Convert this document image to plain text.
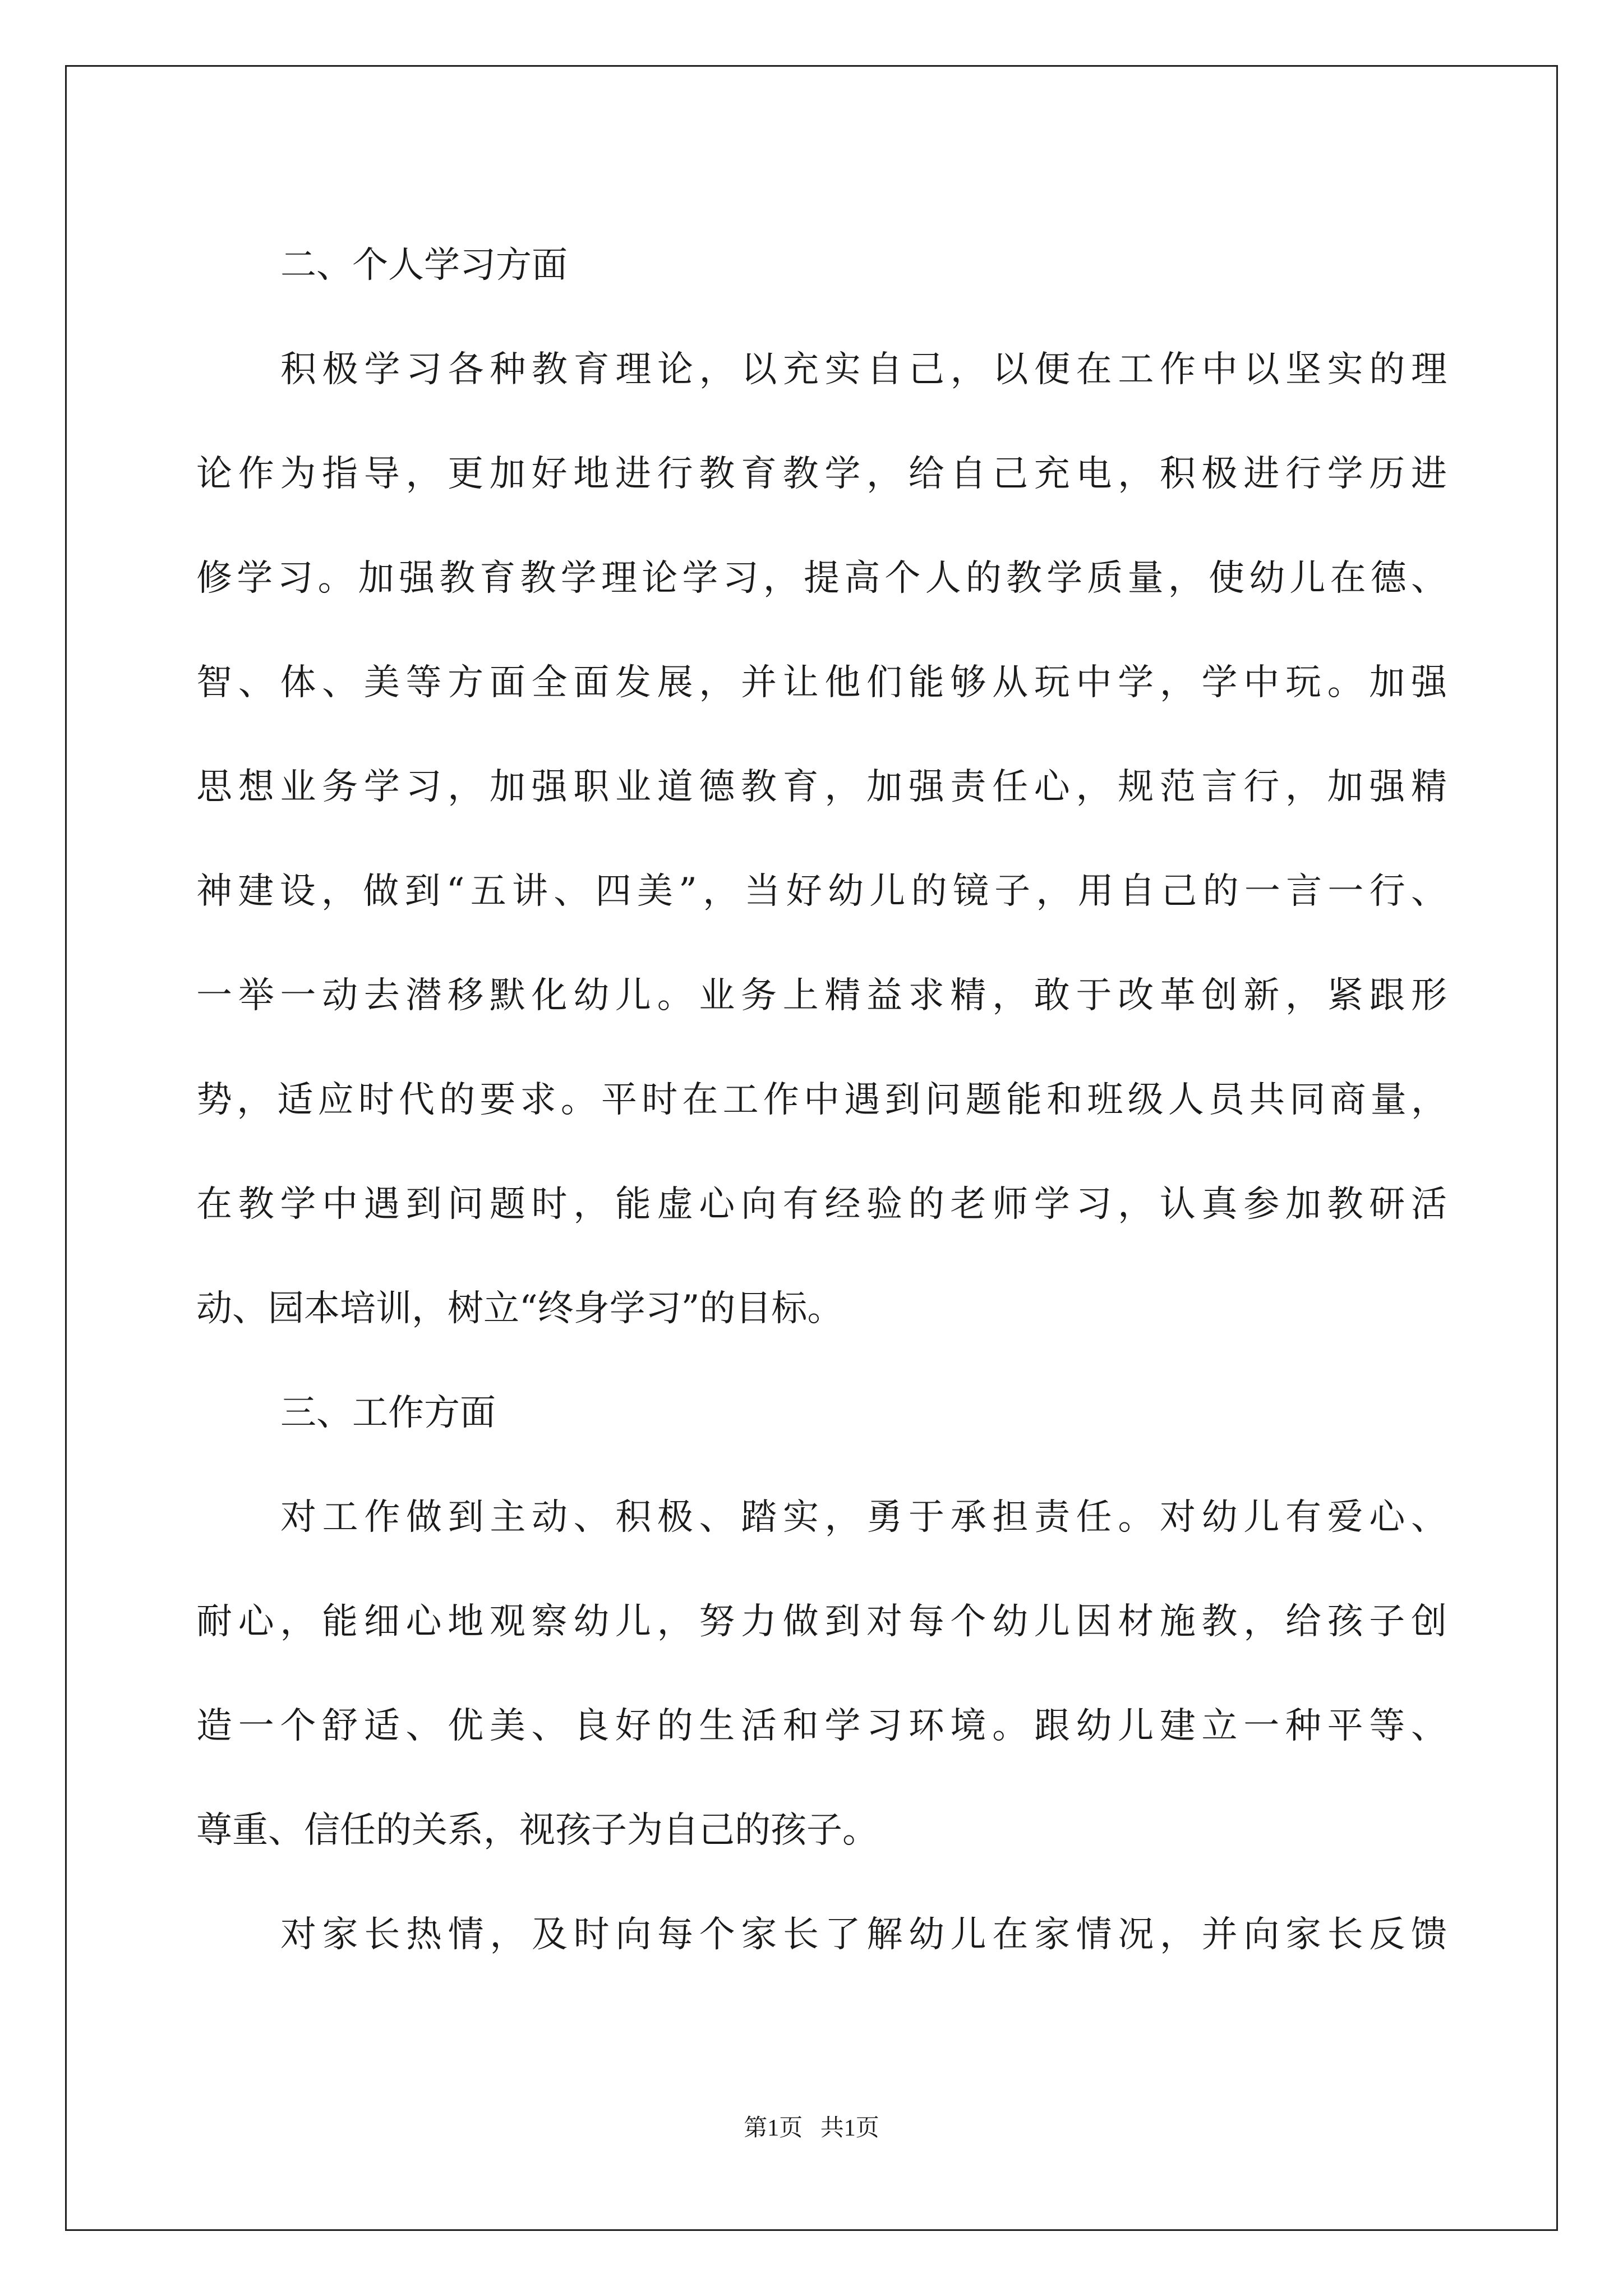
二、个人学习方面
积极学习各种教育理论，以充实自己，以便在工作中以坚实的理
论作为指导，更加好地进行教育教学，给自己充电，积极进行学历进
修学习。加强教育教学理论学习，提高个人的教学质量，使幼儿在德、
智、体、美等方面全面发展，并让他们能够从玩中学，学中玩。加强
思想业务学习，加强职业道德教育，加强责任心，规范言行，加强精
神建设，做到“五讲、四美”，当好幼儿的镜子，用自己的一言一行、
一举一动去潜移默化幼儿。业务上精益求精，敢于改革创新，紧跟形
势，适应时代的要求。平时在工作中遇到问题能和班级人员共同商量，
在教学中遇到问题时，能虚心向有经验的老师学习，认真参加教研活
动、园本培训，树立“终身学习”的目标。
三、工作方面
对工作做到主动、积极、踏实，勇于承担责任。对幼儿有爱心、
耐心，能细心地观察幼儿，努力做到对每个幼儿因材施教，给孩子创
造一个舒适、优美、良好的生活和学习环境。跟幼儿建立一种平等、
尊重、信任的关系，视孩子为自己的孩子。
对家长热情，及时向每个家长了解幼儿在家情况，并向家长反馈
第1页   共1页
